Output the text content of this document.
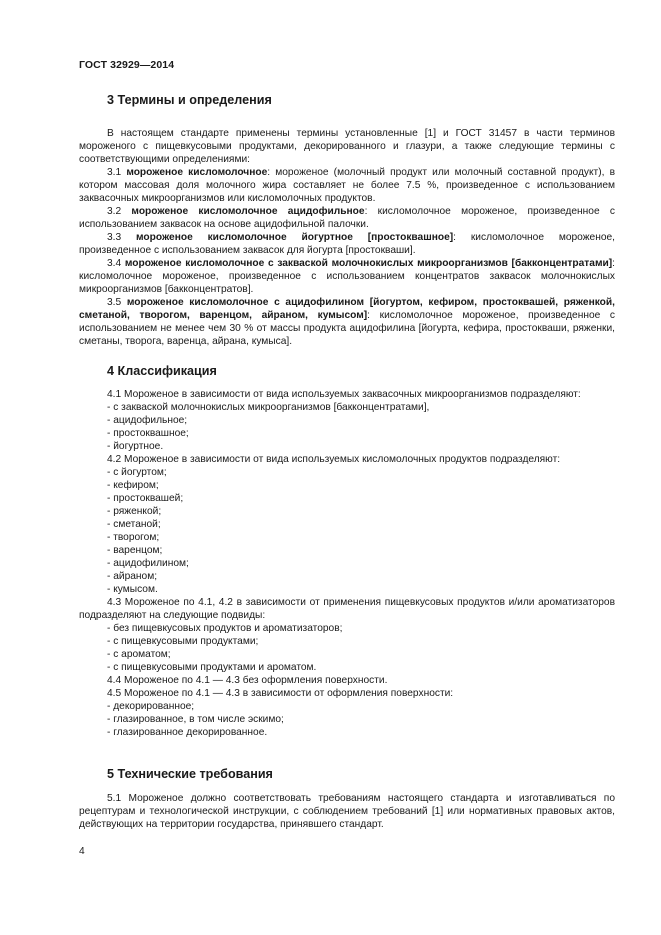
ГОСТ 32929—2014
3 Термины и определения

В настоящем стандарте применены термины установленные [1] и ГОСТ 31457 в части терминов мороженого с пищевкусовыми продуктами, декорированного и глазури, а также следующие термины с соответствующими определениями:

3.1 мороженое кисломолочное: мороженое (молочный продукт или молочный составной продукт), в котором массовая доля молочного жира составляет не более 7.5 %, произведенное с использованием заквасочных микроорганизмов или кисломолочных продуктов.

3.2 мороженое кисломолочное ацидофильное: кисломолочное мороженое, произведенное с использованием заквасок на основе ацидофильной палочки.

3.3 мороженое кисломолочное йогуртное [простоквашное]: кисломолочное мороженое, произведенное с использованием заквасок для йогурта [простокваши].

3.4 мороженое кисломолочное с закваской молочнокислых микроорганизмов [бакконцентратами]: кисломолочное мороженое, произведенное с использованием концентратов заквасок молочнокислых микроорганизмов [бакконцентратов].

3.5 мороженое кисломолочное с ацидофилином [йогуртом, кефиром, простоквашей, ряженкой, сметаной, творогом, варенцом, айраном, кумысом]: кисломолочное мороженое, произведенное с использованием не менее чем 30 % от массы продукта ацидофилина [йогурта, кефира, простокваши, ряженки, сметаны, творога, варенца, айрана, кумыса].

4 Классификация

4.1 Мороженое в зависимости от вида используемых заквасочных микроорганизмов подразделяют:

- с закваской молочнокислых микроорганизмов [бакконцентратами],

- ацидофильное;

- простоквашное;

- йогуртное.

4.2 Мороженое в зависимости от вида используемых кисломолочных продуктов подразделяют:

- с йогуртом;

- кефиром;

- простоквашей;

- ряженкой;

- сметаной;

- творогом;

- варенцом;

- ацидофилином;

- айраном;

- кумысом.

4.3 Мороженое по 4.1, 4.2 в зависимости от применения пищевкусовых продуктов и/или ароматизаторов подразделяют на следующие подвиды:

- без пищевкусовых продуктов и ароматизаторов;

- с пищевкусовыми продуктами;

- с ароматом;

- с пищевкусовыми продуктами и ароматом.

4.4 Мороженое по 4.1 — 4.3 без оформления поверхности.

4.5 Мороженое по 4.1 — 4.3 в зависимости от оформления поверхности:

- декорированное;

- глазированное, в том числе эскимо;

- глазированное декорированное.

5 Технические требования

5.1 Мороженое должно соответствовать требованиям настоящего стандарта и изготавливаться по рецептурам и технологической инструкции, с соблюдением требований [1] или нормативных правовых актов, действующих на территории государства, принявшего стандарт.

4
